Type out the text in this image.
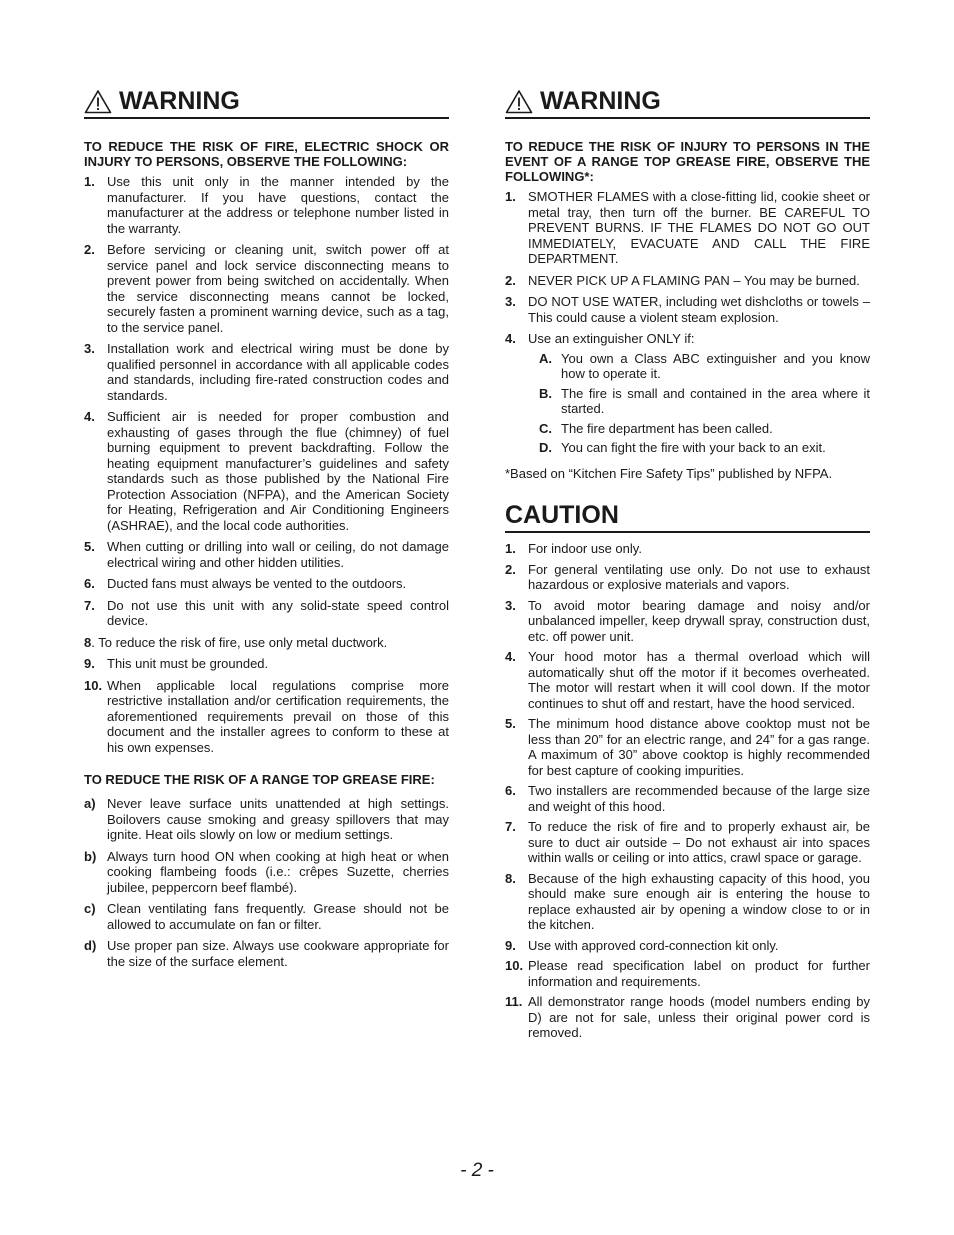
WARNING
TO REDUCE THE RISK OF FIRE, ELECTRIC SHOCK OR INJURY TO PERSONS, OBSERVE THE FOLLOWING:
1. Use this unit only in the manner intended by the manufacturer. If you have questions, contact the manufacturer at the address or telephone number listed in the warranty.
2. Before servicing or cleaning unit, switch power off at service panel and lock service disconnecting means to prevent power from being switched on accidentally. When the service disconnecting means cannot be locked, securely fasten a prominent warning device, such as a tag, to the service panel.
3. Installation work and electrical wiring must be done by qualified personnel in accordance with all applicable codes and standards, including fire-rated construction codes and standards.
4. Sufficient air is needed for proper combustion and exhausting of gases through the flue (chimney) of fuel burning equipment to prevent backdrafting. Follow the heating equipment manufacturer’s guidelines and safety standards such as those published by the National Fire Protection Association (NFPA), and the American Society for Heating, Refrigeration and Air Conditioning Engineers (ASHRAE), and the local code authorities.
5. When cutting or drilling into wall or ceiling, do not damage electrical wiring and other hidden utilities.
6. Ducted fans must always be vented to the outdoors.
7. Do not use this unit with any solid-state speed control device.
8 . To reduce the risk of fire, use only metal ductwork.
9. This unit must be grounded.
10. When applicable local regulations comprise more restrictive installation and/or certification requirements, the aforementioned requirements prevail on those of this document and the installer agrees to conform to these at his own expenses.
TO REDUCE THE RISK OF A RANGE TOP GREASE FIRE:
a) Never leave surface units unattended at high settings. Boilovers cause smoking and greasy spillovers that may ignite. Heat oils slowly on low or medium settings.
b) Always turn hood ON when cooking at high heat or when cooking flambeing foods (i.e.: crêpes Suzette, cherries jubilee, peppercorn beef flambé).
c) Clean ventilating fans frequently. Grease should not be allowed to accumulate on fan or filter.
d) Use proper pan size. Always use cookware appropriate for the size of the surface element.
WARNING
TO REDUCE THE RISK OF INJURY TO PERSONS IN THE EVENT OF A RANGE TOP GREASE FIRE, OBSERVE THE FOLLOWING*:
1. SMOTHER FLAMES with a close-fitting lid, cookie sheet or metal tray, then turn off the burner. BE CAREFUL TO PREVENT BURNS. IF THE FLAMES DO NOT GO OUT IMMEDIATELY, EVACUATE AND CALL THE FIRE DEPARTMENT.
2. NEVER PICK UP A FLAMING PAN – You may be burned.
3. DO NOT USE WATER, including wet dishcloths or towels – This could cause a violent steam explosion.
4. Use an extinguisher ONLY if:
A. You own a Class ABC extinguisher and you know how to operate it.
B. The fire is small and contained in the area where it started.
C. The fire department has been called.
D. You can fight the fire with your back to an exit.
*Based on “Kitchen Fire Safety Tips” published by NFPA.
CAUTION
1. For indoor use only.
2. For general ventilating use only. Do not use to exhaust hazardous or explosive materials and vapors.
3. To avoid motor bearing damage and noisy and/or unbalanced impeller, keep drywall spray, construction dust, etc. off power unit.
4. Your hood motor has a thermal overload which will automatically shut off the motor if it becomes overheated. The motor will restart when it will cool down. If the motor continues to shut off and restart, have the hood serviced.
5. The minimum hood distance above cooktop must not be less than 20” for an electric range, and 24” for a gas range. A maximum of 30” above cooktop is highly recommended for best capture of cooking impurities.
6. Two installers are recommended because of the large size and weight of this hood.
7. To reduce the risk of fire and to properly exhaust air, be sure to duct air outside – Do not exhaust air into spaces within walls or ceiling or into attics, crawl space or garage.
8. Because of the high exhausting capacity of this hood, you should make sure enough air is entering the house to replace exhausted air by opening a window close to or in the kitchen.
9. Use with approved cord-connection kit only.
10. Please read specification label on product for further information and requirements.
11. All demonstrator range hoods (model numbers ending by D) are not for sale, unless their original power cord is removed.
- 2 -
